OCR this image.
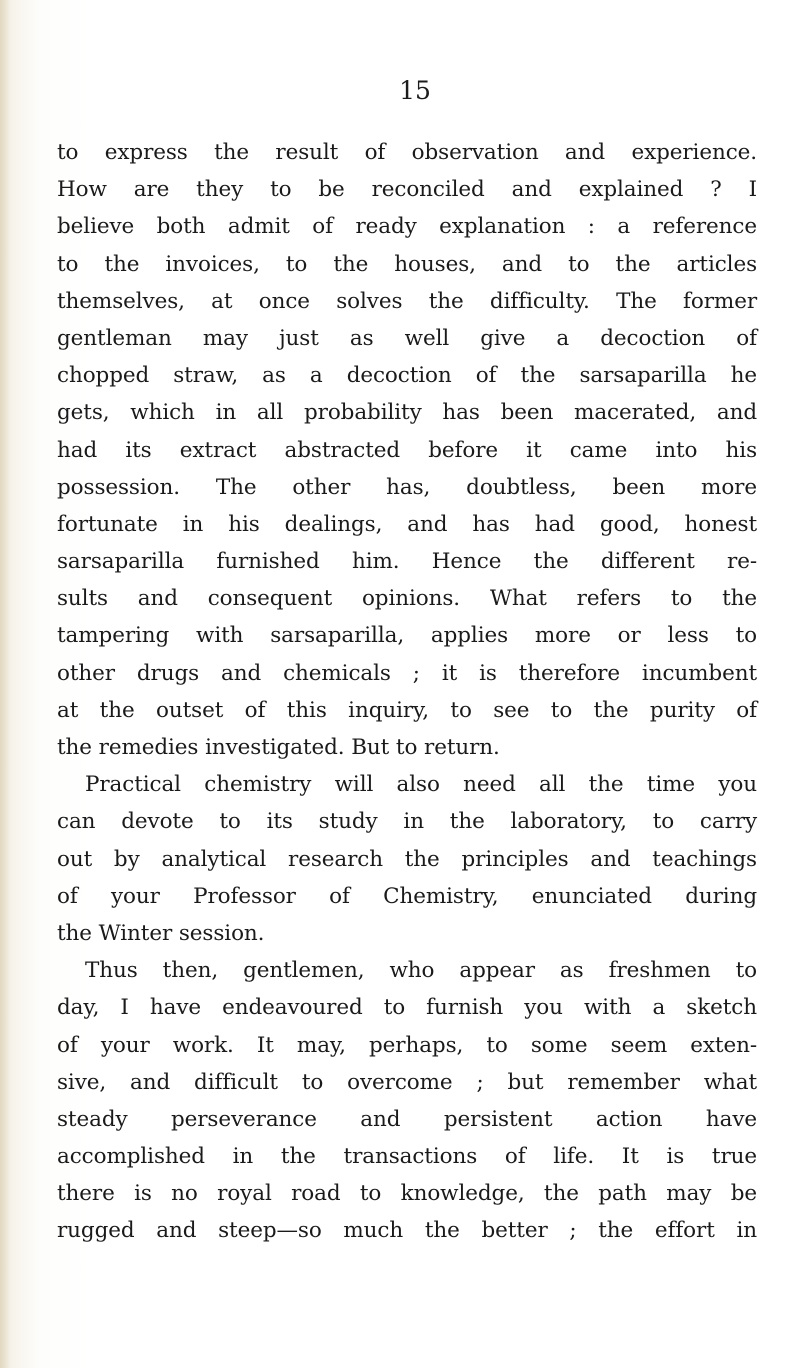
15
to express the result of observation and experience.
How are they to be reconciled and explained ? I
believe both admit of ready explanation : a reference
to the invoices, to the houses, and to the articles
themselves, at once solves the difficulty. The former
gentleman may just as well give a decoction of
chopped straw, as a decoction of the sarsaparilla he
gets, which in all probability has been macerated, and
had its extract abstracted before it came into his
possession. The other has, doubtless, been more
fortunate in his dealings, and has had good, honest
sarsaparilla furnished him. Hence the different re-
sults and consequent opinions. What refers to the
tampering with sarsaparilla, applies more or less to
other drugs and chemicals ; it is therefore incumbent
at the outset of this inquiry, to see to the purity of
the remedies investigated. But to return.
Practical chemistry will also need all the time you
can devote to its study in the laboratory, to carry
out by analytical research the principles and teachings
of your Professor of Chemistry, enunciated during
the Winter session.
Thus then, gentlemen, who appear as freshmen to
day, I have endeavoured to furnish you with a sketch
of your work. It may, perhaps, to some seem exten-
sive, and difficult to overcome ; but remember what
steady perseverance and persistent action have
accomplished in the transactions of life. It is true
there is no royal road to knowledge, the path may be
rugged and steep—so much the better ; the effort in
